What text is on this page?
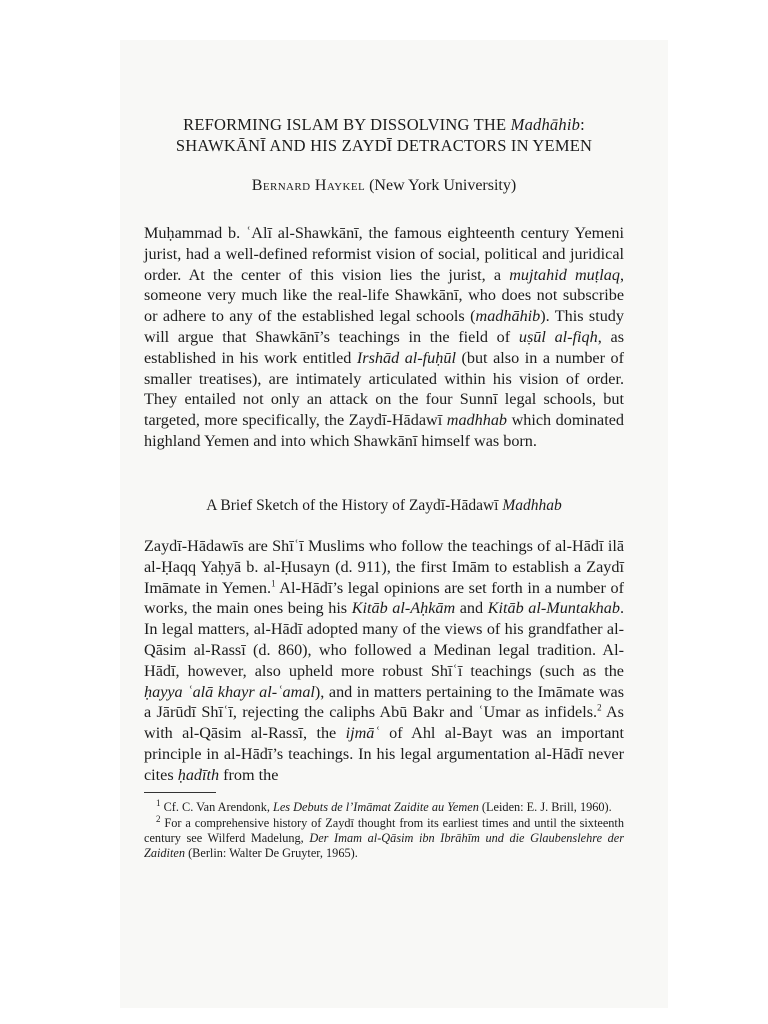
REFORMING ISLAM BY DISSOLVING THE Madhāhib:
SHAWKĀNĪ AND HIS ZAYDĪ DETRACTORS IN YEMEN
Bernard Haykel (New York University)

Muḥammad b. ʿAlī al-Shawkānī, the famous eighteenth century Yemeni jurist, had a well-defined reformist vision of social, political and juridical order. At the center of this vision lies the jurist, a mujtahid muṭlaq, someone very much like the real-life Shawkānī, who does not subscribe or adhere to any of the established legal schools (madhāhib). This study will argue that Shawkānī’s teachings in the field of uṣūl al-fiqh, as established in his work entitled Irshād al-fuḥūl (but also in a number of smaller treatises), are intimately articulated within his vision of order. They entailed not only an attack on the four Sunnī legal schools, but targeted, more specifically, the Zaydī-Hādawī madhhab which dominated highland Yemen and into which Shawkānī himself was born.

A Brief Sketch of the History of Zaydī-Hādawī Madhhab

Zaydī-Hādawīs are Shīʿī Muslims who follow the teachings of al-Hādī ilā al-Ḥaqq Yaḥyā b. al-Ḥusayn (d. 911), the first Imām to establish a Zaydī Imāmate in Yemen.$^1$ Al-Hādī’s legal opinions are set forth in a number of works, the main ones being his Kitāb al-Aḥkām and Kitāb al-Muntakhab. In legal matters, al-Hādī adopted many of the views of his grandfather al-Qāsim al-Rassī (d. 860), who followed a Medinan legal tradition. Al-Hādī, however, also upheld more robust Shīʿī teachings (such as the ḥayya ʿalā khayr al-ʿamal), and in matters pertaining to the Imāmate was a Jārūdī Shīʿī, rejecting the caliphs Abū Bakr and ʿUmar as infidels.$^2$ As with al-Qāsim al-Rassī, the ijmāʿ of Ahl al-Bayt was an important principle in al-Hādī’s teachings. In his legal argumentation al-Hādī never cites ḥadīth from the

$^1$ Cf. C. Van Arendonk, Les Debuts de l’Imāmat Zaidite au Yemen (Leiden: E. J. Brill, 1960).

$^2$ For a comprehensive history of Zaydī thought from its earliest times and until the sixteenth century see Wilferd Madelung, Der Imam al-Qāsim ibn Ibrāhīm und die Glaubenslehre der Zaiditen (Berlin: Walter De Gruyter, 1965).
